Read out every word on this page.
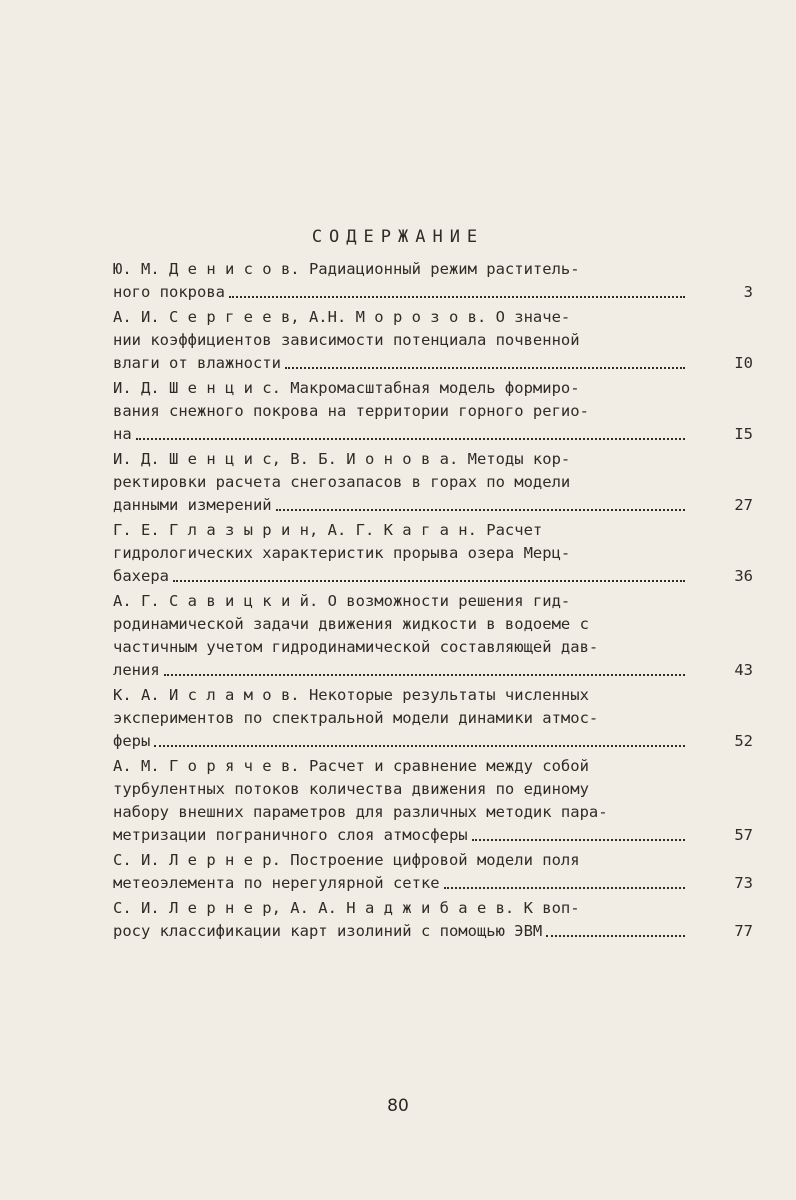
СОДЕРЖАНИЕ
Ю. М. Д е н и с о в. Радиационный режим раститель-
ного покрова	3
А. И. С е р г е е в, А.Н. М о р о з о в. О значе-
нии коэффициентов зависимости потенциала почвенной
влаги от влажности	I0
И. Д. Ш е н ц и с. Макромасштабная модель формиро-
вания снежного покрова на территории горного регио-
на	I5
И. Д. Ш е н ц и с, В. Б. И о н о в а. Методы кор-
ректировки расчета снегозапасов в горах по модели
данными измерений	27
Г. Е. Г л а з ы р и н, А. Г. К а г а н. Расчет
гидрологических характеристик прорыва озера Мерц-
бахера	36
А. Г. С а в и ц к и й. О возможности решения гид-
родинамической задачи движения жидкости в водоеме с
частичным учетом гидродинамической составляющей дав-
ления	43
К. А. И с л а м о в. Некоторые результаты численных
экспериментов по спектральной модели динамики атмос-
феры	52
А. М. Г о р я ч е в. Расчет и сравнение между собой
турбулентных потоков количества движения по единому
набору внешних параметров для различных методик пара-
метризации пограничного слоя атмосферы	57
С. И. Л е р н е р. Построение цифровой модели поля
метеоэлемента по нерегулярной сетке	73
С. И. Л е р н е р, А. А. Н а д ж и б а е в. К воп-
росу классификации карт изолиний с помощью ЭВМ	77
80
